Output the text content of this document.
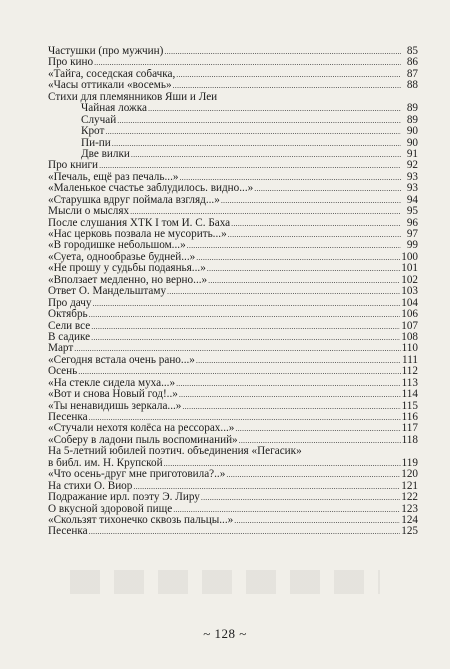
Частушки (про мужчин) .....	85
Про кино .....	86
«Тайга, соседская собачка, .....	87
«Часы оттикали «восемь» .....	88
Стихи для племянников Яши и Леи
Чайная ложка .....	89
Случай .....	89
Крот .....	90
Пи-пи .....	90
Две вилки .....	91
Про книги .....	92
«Печаль, ещё раз печаль...» .....	93
«Маленькое счастье заблудилось. видно...» .....	93
«Старушка вдруг поймала взгляд...» .....	94
Мысли о мыслях .....	95
После слушания ХТК I том И. С. Баха .....	96
«Нас церковь позвала не мусорить...» .....	97
«В городишке небольшом...» .....	99
«Суета, однообразье будней...» .....	100
«Не прошу у судьбы подаянья...» .....	101
«Вползает медленно, но верно...» .....	102
Ответ О. Мандельштаму .....	103
Про дачу .....	104
Октябрь .....	106
Сели все .....	107
В садике .....	108
Март .....	110
«Сегодня встала очень рано...» .....	111
Осень .....	112
«На стекле сидела муха...» .....	113
«Вот и снова Новый год!..» .....	114
«Ты ненавидишь зеркала...» .....	115
Песенка .....	116
«Стучали нехотя колёса на рессорах...» .....	117
«Соберу в ладони пыль воспоминаний» .....	118
На 5-летний юбилей поэтич. объединения «Пегасик»
в библ. им. Н. Крупской .....	119
«Что осень-друг мне приготовила?..» .....	120
На стихи О. Виор .....	121
Подражание ирл. поэту Э. Лиру .....	122
О вкусной здоровой пище .....	123
«Скользят тихонечко сквозь пальцы...» .....	124
Песенка .....	125
~ 128 ~
